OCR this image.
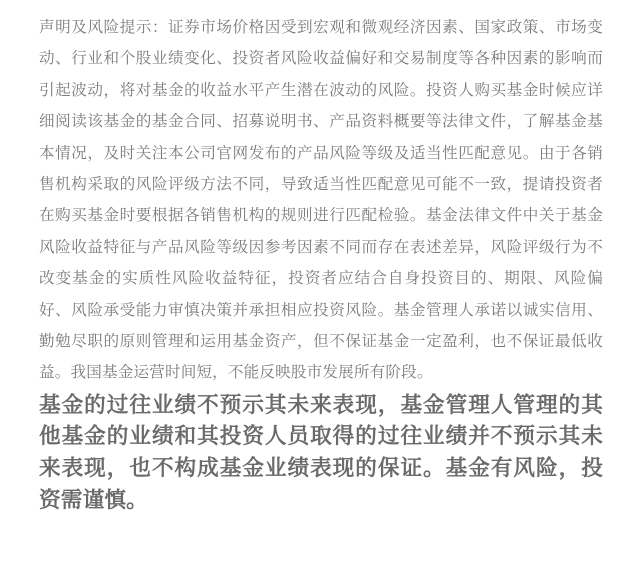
声明及风险提示：证券市场价格因受到宏观和微观经济因素、国家政策、市场变动、行业和个股业绩变化、投资者风险收益偏好和交易制度等各种因素的影响而引起波动，将对基金的收益水平产生潜在波动的风险。投资人购买基金时候应详细阅读该基金的基金合同、招募说明书、产品资料概要等法律文件，了解基金基本情况，及时关注本公司官网发布的产品风险等级及适当性匹配意见。由于各销售机构采取的风险评级方法不同，导致适当性匹配意见可能不一致，提请投资者在购买基金时要根据各销售机构的规则进行匹配检验。基金法律文件中关于基金风险收益特征与产品风险等级因参考因素不同而存在表述差异，风险评级行为不改变基金的实质性风险收益特征，投资者应结合自身投资目的、期限、风险偏好、风险承受能力审慎决策并承担相应投资风险。基金管理人承诺以诚实信用、勤勉尽职的原则管理和运用基金资产，但不保证基金一定盈利，也不保证最低收益。我国基金运营时间短，不能反映股市发展所有阶段。

基金的过往业绩不预示其未来表现，基金管理人管理的其他基金的业绩和其投资人员取得的过往业绩并不预示其未来表现，也不构成基金业绩表现的保证。基金有风险，投资需谨慎。
